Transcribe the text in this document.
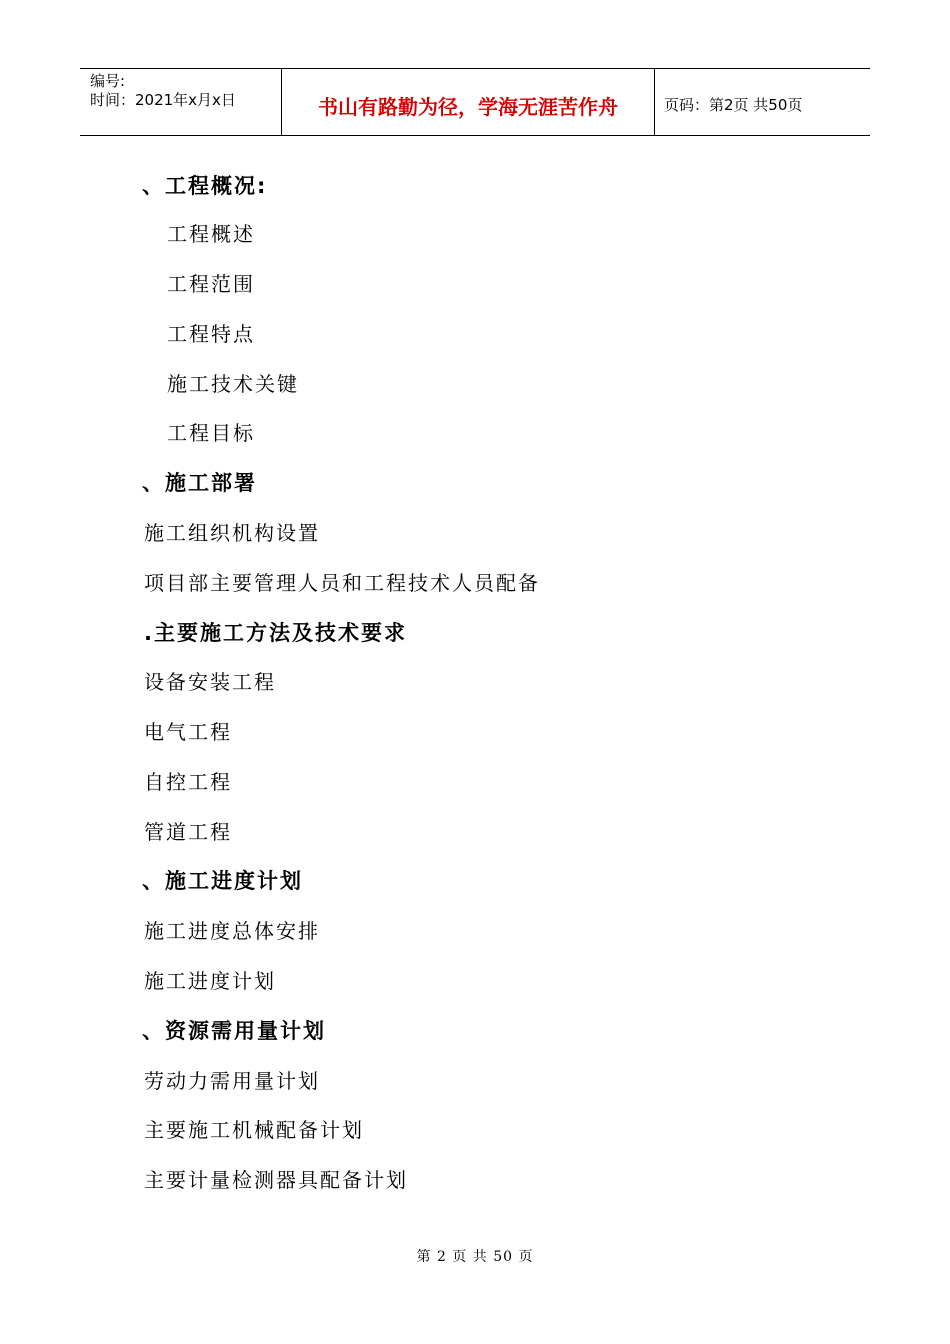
编号:
时间：2021年x月x日	书山有路勤为径，学海无涯苦作舟	页码：第2页 共50页
、工程概况:
工程概述
工程范围
工程特点
施工技术关键
工程目标
、施工部署
施工组织机构设置
项目部主要管理人员和工程技术人员配备
.主要施工方法及技术要求
设备安装工程
电气工程
自控工程
管道工程
、施工进度计划
施工进度总体安排
施工进度计划
、资源需用量计划
劳动力需用量计划
主要施工机械配备计划
主要计量检测器具配备计划
第 2 页 共 50 页
